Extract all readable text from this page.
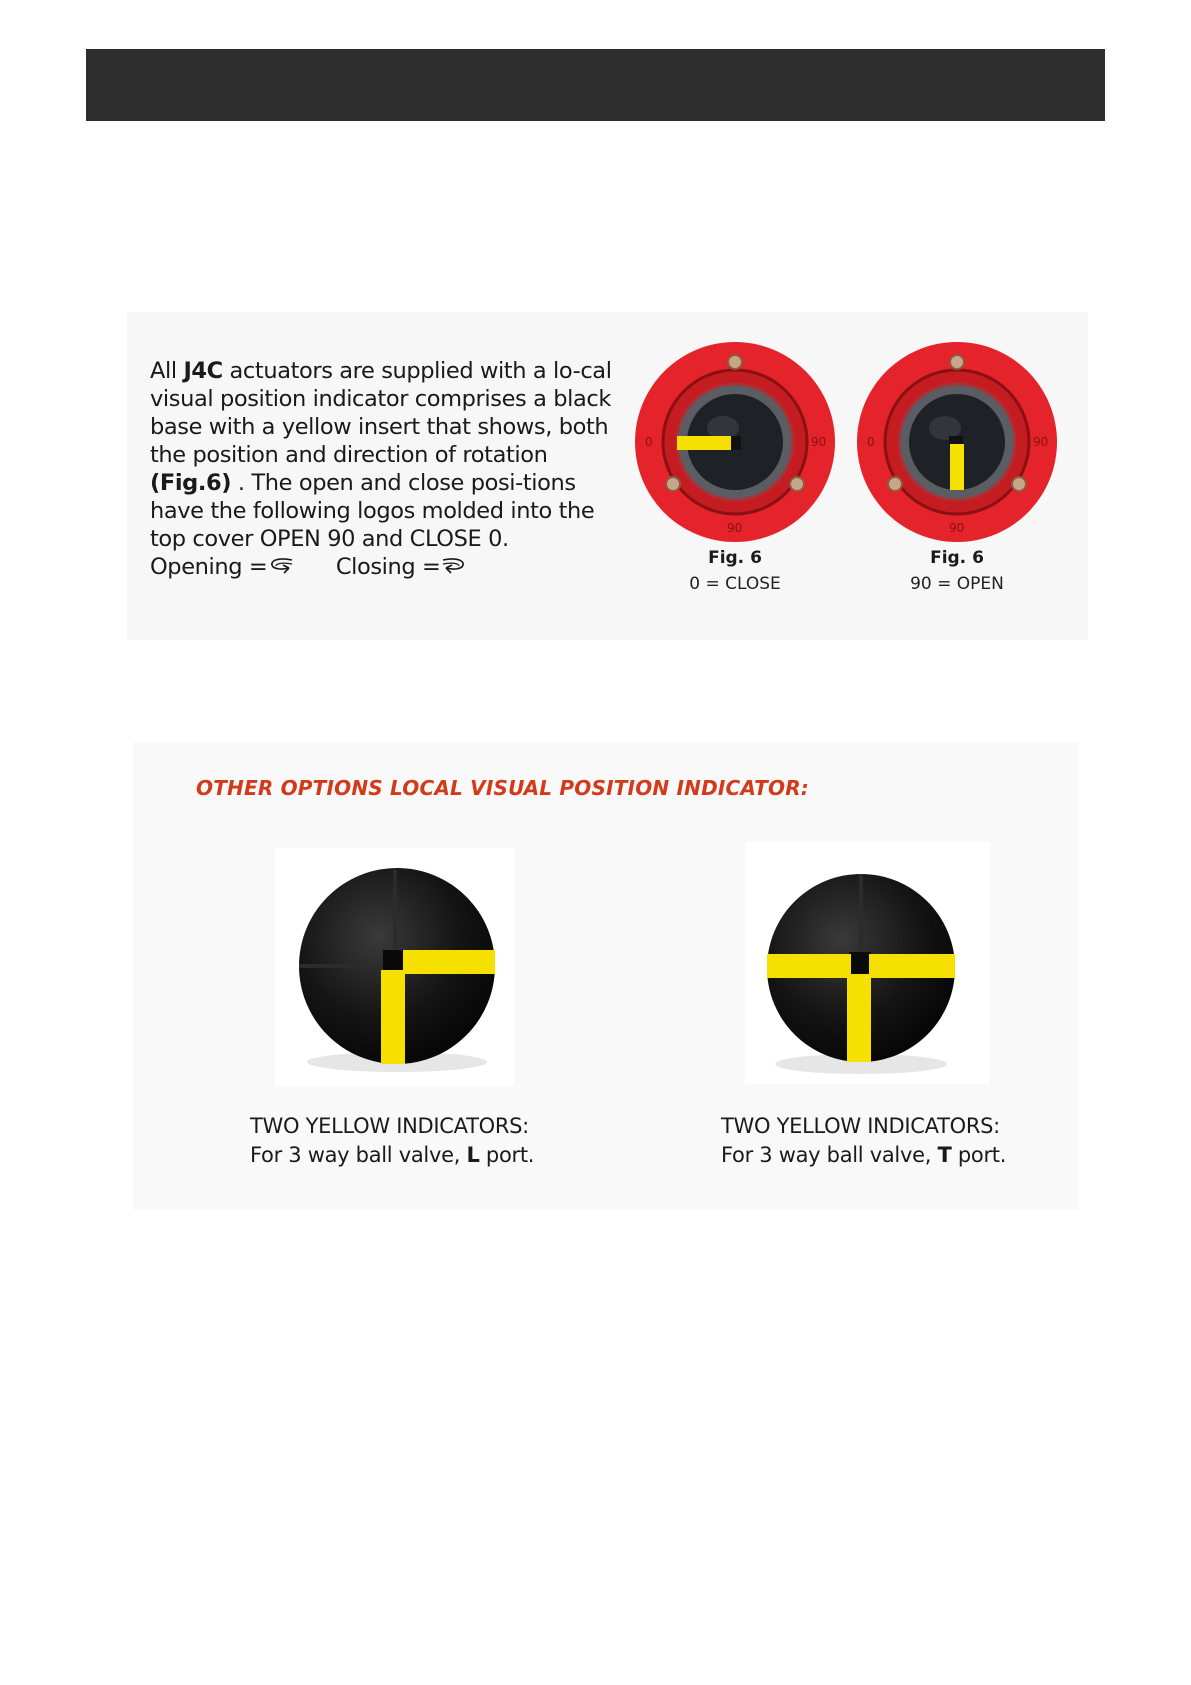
All J4C actuators are supplied with a lo-cal visual position indicator comprises a black base with a yellow insert that shows, both the position and direction of rotation (Fig.6) . The open and close posi-tions have the following logos molded into the top cover OPEN 90 and CLOSE 0.
Opening =	Closing =
0	90
90
Fig. 6
0 = CLOSE
0	90
90
Fig. 6
90 = OPEN
OTHER OPTIONS LOCAL VISUAL POSITION INDICATOR:
TWO YELLOW INDICATORS:
For 3 way ball valve, L port.
TWO YELLOW INDICATORS:
For 3 way ball valve, T port.
